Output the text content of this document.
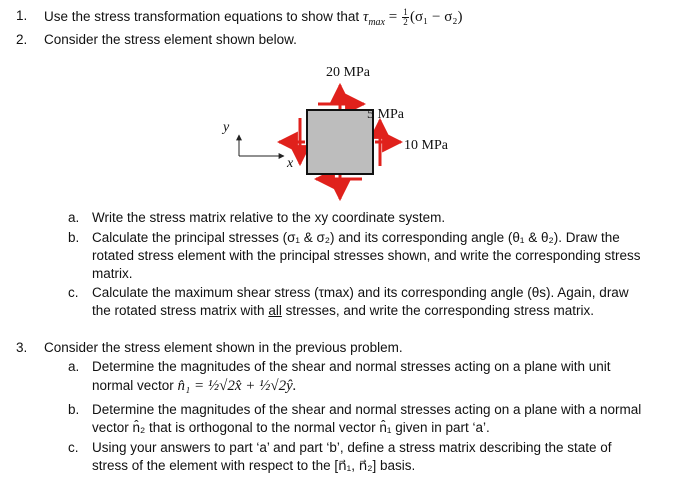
1. Use the stress transformation equations to show that $\tau_{max} = \frac{1}{2} (\sigma_1 - \sigma_2)$
2. Consider the stress element shown below.
20 MPa
5 MPa
10 MPa
y
x
a. Write the stress matrix relative to the xy coordinate system.
b. Calculate the principal stresses (σ₁ & σ₂) and its corresponding angle (θ₁ & θ₂). Draw the
rotated stress element with the principal stresses shown, and write the corresponding stress
matrix.
c. Calculate the maximum shear stress (τmax) and its corresponding angle (θs). Again, draw
the rotated stress matrix with all stresses, and write the corresponding stress matrix.
3. Consider the stress element shown in the previous problem.
a. Determine the magnitudes of the shear and normal stresses acting on a plane with unit
normal vector n̂₁ = ½√2x̂ + ½√2ŷ.
b. Determine the magnitudes of the shear and normal stresses acting on a plane with a normal
vector n̂₂ that is orthogonal to the normal vector n̂₁ given in part ‘a’.
c. Using your answers to part ‘a’ and part ‘b’, define a stress matrix describing the state of
stress of the element with respect to the [n⃗₁, n⃗₂] basis.
